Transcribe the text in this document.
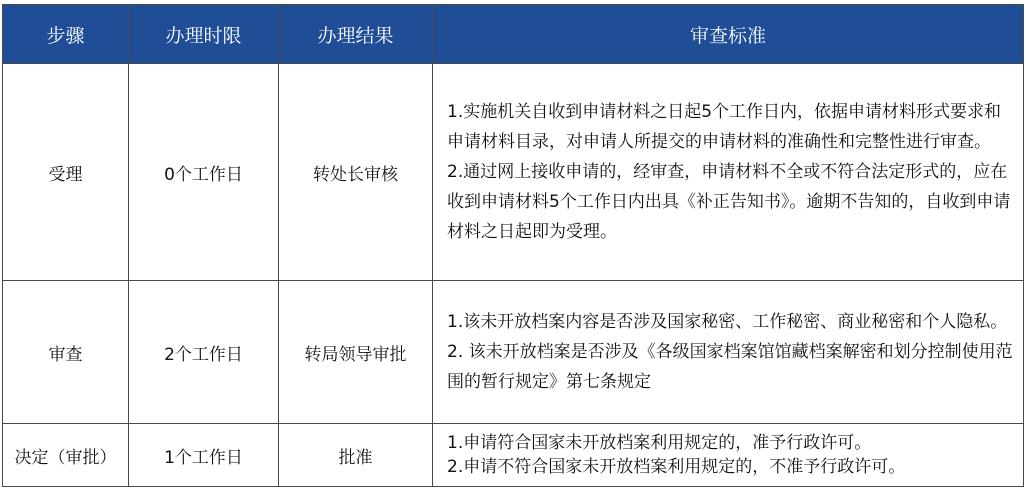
步骤	办理时限	办理结果	审查标准
受理	0个工作日	转处长审核	1.实施机关自收到申请材料之日起5个工作日内，依据申请材料形式要求和申请材料目录，对申请人所提交的申请材料的准确性和完整性进行审查。
2.通过网上接收申请的，经审查，申请材料不全或不符合法定形式的，应在收到申请材料5个工作日内出具《补正告知书》。逾期不告知的，自收到申请材料之日起即为受理。

审查	2个工作日	转局领导审批	1.该未开放档案内容是否涉及国家秘密、工作秘密、商业秘密和个人隐私。
2. 该未开放档案是否涉及《各级国家档案馆馆藏档案解密和划分控制使用范围的暂行规定》第七条规定

决定（审批）	1个工作日	批准	1.申请符合国家未开放档案利用规定的，准予行政许可。
2.申请不符合国家未开放档案利用规定的，不准予行政许可。
